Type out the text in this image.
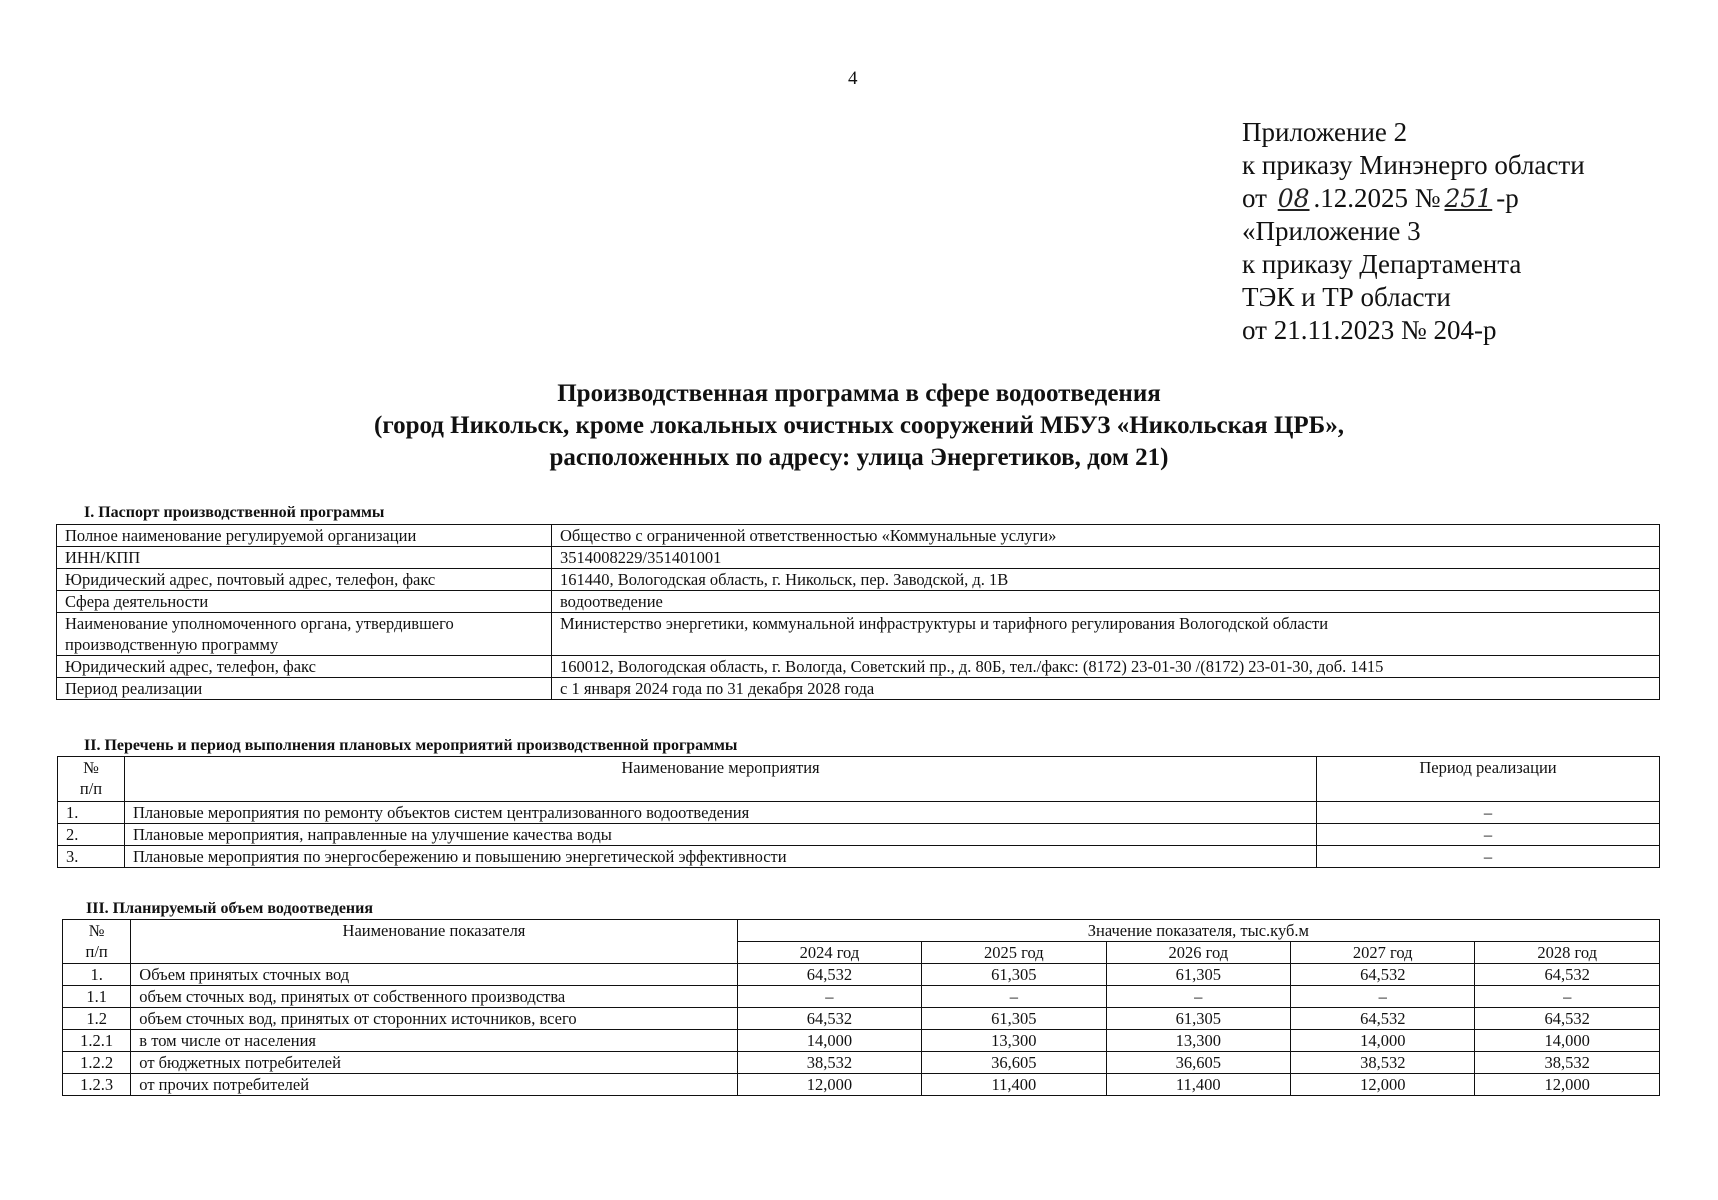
4
Приложение 2
к приказу Минэнерго области
от 08 .12.2025 № 251 -р
«Приложение 3
к приказу Департамента
ТЭК и ТР области
от 21.11.2023 № 204-р
Производственная программа в сфере водоотведения
(город Никольск, кроме локальных очистных сооружений МБУЗ «Никольская ЦРБ»,
расположенных по адресу: улица Энергетиков, дом 21)
I. Паспорт производственной программы
Полное наименование регулируемой организации	Общество с ограниченной ответственностью «Коммунальные услуги»
ИНН/КПП	3514008229/351401001
Юридический адрес, почтовый адрес, телефон, факс	161440, Вологодская область, г. Никольск, пер. Заводской, д. 1В
Сфера деятельности	водоотведение

Наименование уполномоченного органа, утвердившего
производственную программу	Министерство энергетики, коммунальной инфраструктуры и тарифного регулирования Вологодской области
Юридический адрес, телефон, факс	160012, Вологодская область, г. Вологда, Советский пр., д. 80Б, тел./факс: (8172) 23-01-30 /(8172) 23-01-30, доб. 1415
Период реализации	с 1 января 2024 года по 31 декабря 2028 года
II. Перечень и период выполнения плановых мероприятий производственной программы
№
п/п	Наименование мероприятия	Период реализации
1.	Плановые мероприятия по ремонту объектов систем централизованного водоотведения	–
2.	Плановые мероприятия, направленные на улучшение качества воды	–
3.	Плановые мероприятия по энергосбережению и повышению энергетической эффективности	–
III. Планируемый объем водоотведения
№
п/п	Наименование показателя	Значение показателя, тыс.куб.м				
		2024 год	2025 год	2026 год	2027 год	2028 год
1.	Объем принятых сточных вод	64,532	61,305	61,305	64,532	64,532
1.1	объем сточных вод, принятых от собственного производства	–	–	–	–	–
1.2	объем сточных вод, принятых от сторонних источников, всего	64,532	61,305	61,305	64,532	64,532
1.2.1	в том числе от населения	14,000	13,300	13,300	14,000	14,000
1.2.2	от бюджетных потребителей	38,532	36,605	36,605	38,532	38,532
1.2.3	от прочих потребителей	12,000	11,400	11,400	12,000	12,000
